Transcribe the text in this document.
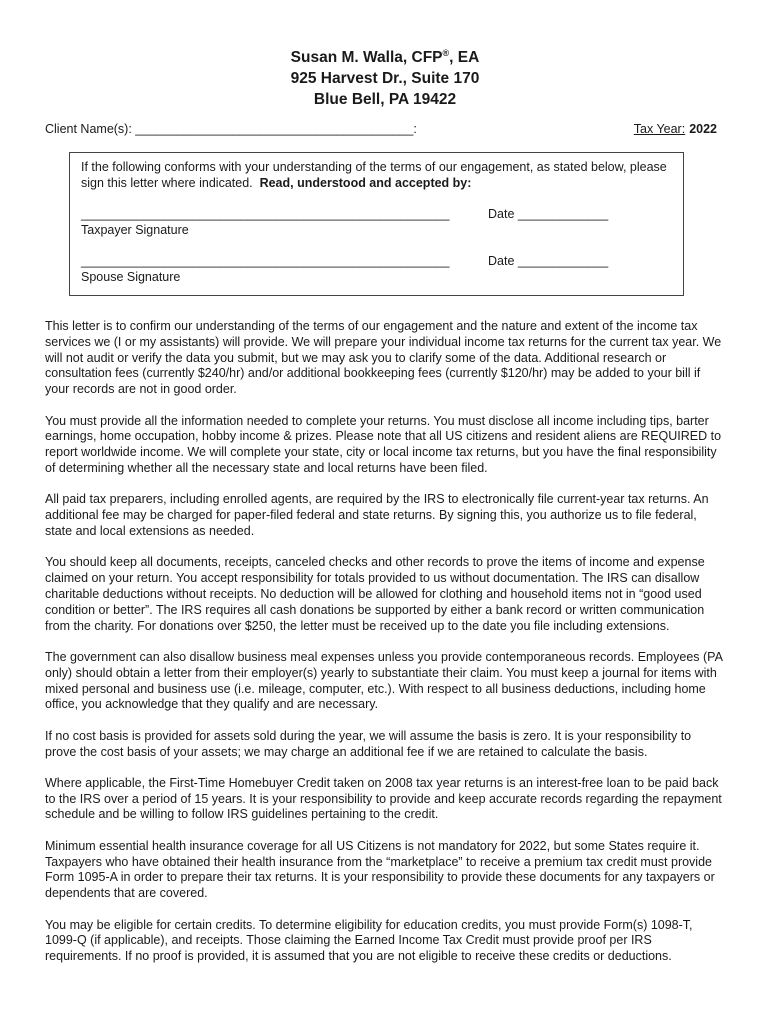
Susan M. Walla, CFP®, EA
925 Harvest Dr., Suite 170
Blue Bell, PA 19422
Client Name(s): ________________________________________:	Tax Year: 2022
If the following conforms with your understanding of the terms of our engagement, as stated below, please sign this letter where indicated. Read, understood and accepted by:
_____________________________________________________
Taxpayer Signature
Date _____________
_____________________________________________________
Spouse Signature
Date _____________

This letter is to confirm our understanding of the terms of our engagement and the nature and extent of the income tax services we (I or my assistants) will provide. We will prepare your individual income tax returns for the current tax year. We will not audit or verify the data you submit, but we may ask you to clarify some of the data. Additional research or consultation fees (currently $240/hr) and/or additional bookkeeping fees (currently $120/hr) may be added to your bill if your records are not in good order.

You must provide all the information needed to complete your returns. You must disclose all income including tips, barter earnings, home occupation, hobby income & prizes. Please note that all US citizens and resident aliens are REQUIRED to report worldwide income. We will complete your state, city or local income tax returns, but you have the final responsibility of determining whether all the necessary state and local returns have been filed.

All paid tax preparers, including enrolled agents, are required by the IRS to electronically file current-year tax returns. An additional fee may be charged for paper-filed federal and state returns. By signing this, you authorize us to file federal, state and local extensions as needed.

You should keep all documents, receipts, canceled checks and other records to prove the items of income and expense claimed on your return. You accept responsibility for totals provided to us without documentation. The IRS can disallow charitable deductions without receipts. No deduction will be allowed for clothing and household items not in “good used condition or better”. The IRS requires all cash donations be supported by either a bank record or written communication from the charity. For donations over $250, the letter must be received up to the date you file including extensions.

The government can also disallow business meal expenses unless you provide contemporaneous records. Employees (PA only) should obtain a letter from their employer(s) yearly to substantiate their claim. You must keep a journal for items with mixed personal and business use (i.e. mileage, computer, etc.). With respect to all business deductions, including home office, you acknowledge that they qualify and are necessary.

If no cost basis is provided for assets sold during the year, we will assume the basis is zero. It is your responsibility to prove the cost basis of your assets; we may charge an additional fee if we are retained to calculate the basis.

Where applicable, the First-Time Homebuyer Credit taken on 2008 tax year returns is an interest-free loan to be paid back to the IRS over a period of 15 years. It is your responsibility to provide and keep accurate records regarding the repayment schedule and be willing to follow IRS guidelines pertaining to the credit.

Minimum essential health insurance coverage for all US Citizens is not mandatory for 2022, but some States require it. Taxpayers who have obtained their health insurance from the “marketplace” to receive a premium tax credit must provide Form 1095-A in order to prepare their tax returns. It is your responsibility to provide these documents for any taxpayers or dependents that are covered.

You may be eligible for certain credits. To determine eligibility for education credits, you must provide Form(s) 1098-T, 1099-Q (if applicable), and receipts. Those claiming the Earned Income Tax Credit must provide proof per IRS requirements. If no proof is provided, it is assumed that you are not eligible to receive these credits or deductions.
